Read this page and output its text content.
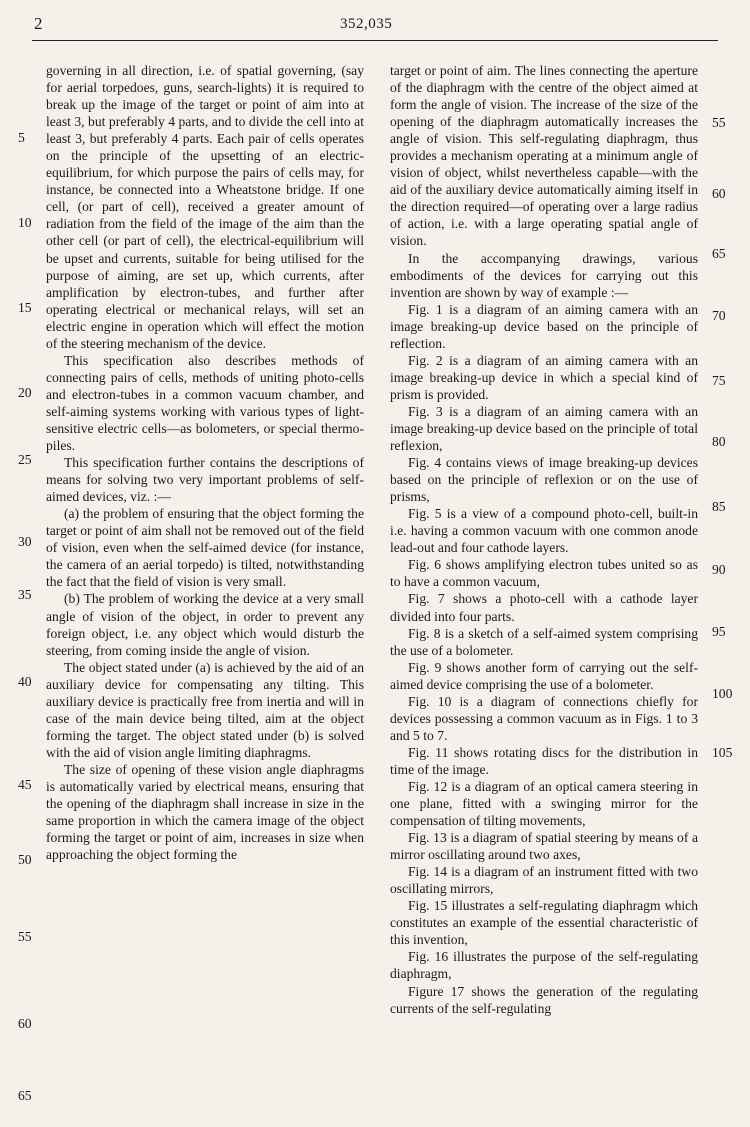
2	352,035

governing in all direction, i.e. of spatial governing, (say for aerial torpedoes, guns, search-lights) it is required to break up the image of the target or point of aim into at least 3, but preferably 4 parts, and to divide the cell into at least 3, but preferably 4 parts. Each pair of cells operates on the principle of the upsetting of an electric-equilibrium, for which purpose the pairs of cells may, for instance, be connected into a Wheatstone bridge. If one cell, (or part of cell), received a greater amount of radiation from the field of the image of the aim than the other cell (or part of cell), the electrical-equilibrium will be upset and currents, suitable for being utilised for the purpose of aiming, are set up, which currents, after amplification by electron-tubes, and further after operating electrical or mechanical relays, will set an electric engine in operation which will effect the motion of the steering mechanism of the device.

This specification also describes methods of connecting pairs of cells, methods of uniting photo-cells and electron-tubes in a common vacuum chamber, and self-aiming systems working with various types of light-sensitive electric cells—as bolometers, or special thermo-piles.

This specification further contains the descriptions of means for solving two very important problems of self-aimed devices, viz. :—

(a) the problem of ensuring that the object forming the target or point of aim shall not be removed out of the field of vision, even when the self-aimed device (for instance, the camera of an aerial torpedo) is tilted, notwithstanding the fact that the field of vision is very small.

(b) The problem of working the device at a very small angle of vision of the object, in order to prevent any foreign object, i.e. any object which would disturb the steering, from coming inside the angle of vision.

The object stated under (a) is achieved by the aid of an auxiliary device for compensating any tilting. This auxiliary device is practically free from inertia and will in case of the main device being tilted, aim at the object forming the target. The object stated under (b) is solved with the aid of vision angle limiting diaphragms.

The size of opening of these vision angle diaphragms is automatically varied by electrical means, ensuring that the opening of the diaphragm shall increase in size in the same proportion in which the camera image of the object forming the target or point of aim, increases in size when approaching the object forming the

target or point of aim. The lines connecting the aperture of the diaphragm with the centre of the object aimed at form the angle of vision. The increase of the size of the opening of the diaphragm automatically increases the angle of vision. This self-regulating diaphragm, thus provides a mechanism operating at a minimum angle of vision of object, whilst nevertheless capable—with the aid of the auxiliary device automatically aiming itself in the direction required—of operating over a large radius of action, i.e. with a large operating spatial angle of vision.

In the accompanying drawings, various embodiments of the devices for carrying out this invention are shown by way of example :—

Fig. 1 is a diagram of an aiming camera with an image breaking-up device based on the principle of reflection.

Fig. 2 is a diagram of an aiming camera with an image breaking-up device in which a special kind of prism is provided.

Fig. 3 is a diagram of an aiming camera with an image breaking-up device based on the principle of total reflexion,

Fig. 4 contains views of image breaking-up devices based on the principle of reflexion or on the use of prisms,

Fig. 5 is a view of a compound photo-cell, built-in i.e. having a common vacuum with one common anode lead-out and four cathode layers.

Fig. 6 shows amplifying electron tubes united so as to have a common vacuum,

Fig. 7 shows a photo-cell with a cathode layer divided into four parts.

Fig. 8 is a sketch of a self-aimed system comprising the use of a bolometer.

Fig. 9 shows another form of carrying out the self-aimed device comprising the use of a bolometer.

Fig. 10 is a diagram of connections chiefly for devices possessing a common vacuum as in Figs. 1 to 3 and 5 to 7.

Fig. 11 shows rotating discs for the distribution in time of the image.

Fig. 12 is a diagram of an optical camera steering in one plane, fitted with a swinging mirror for the compensation of tilting movements,

Fig. 13 is a diagram of spatial steering by means of a mirror oscillating around two axes,

Fig. 14 is a diagram of an instrument fitted with two oscillating mirrors,

Fig. 15 illustrates a self-regulating diaphragm which constitutes an example of the essential characteristic of this invention,

Fig. 16 illustrates the purpose of the self-regulating diaphragm,

Figure 17 shows the generation of the regulating currents of the self-regulating

5
10
15
20
25
30
35
40
45
50
55
60
65
55
60
65
70
75
80
85
90
95
100
105
